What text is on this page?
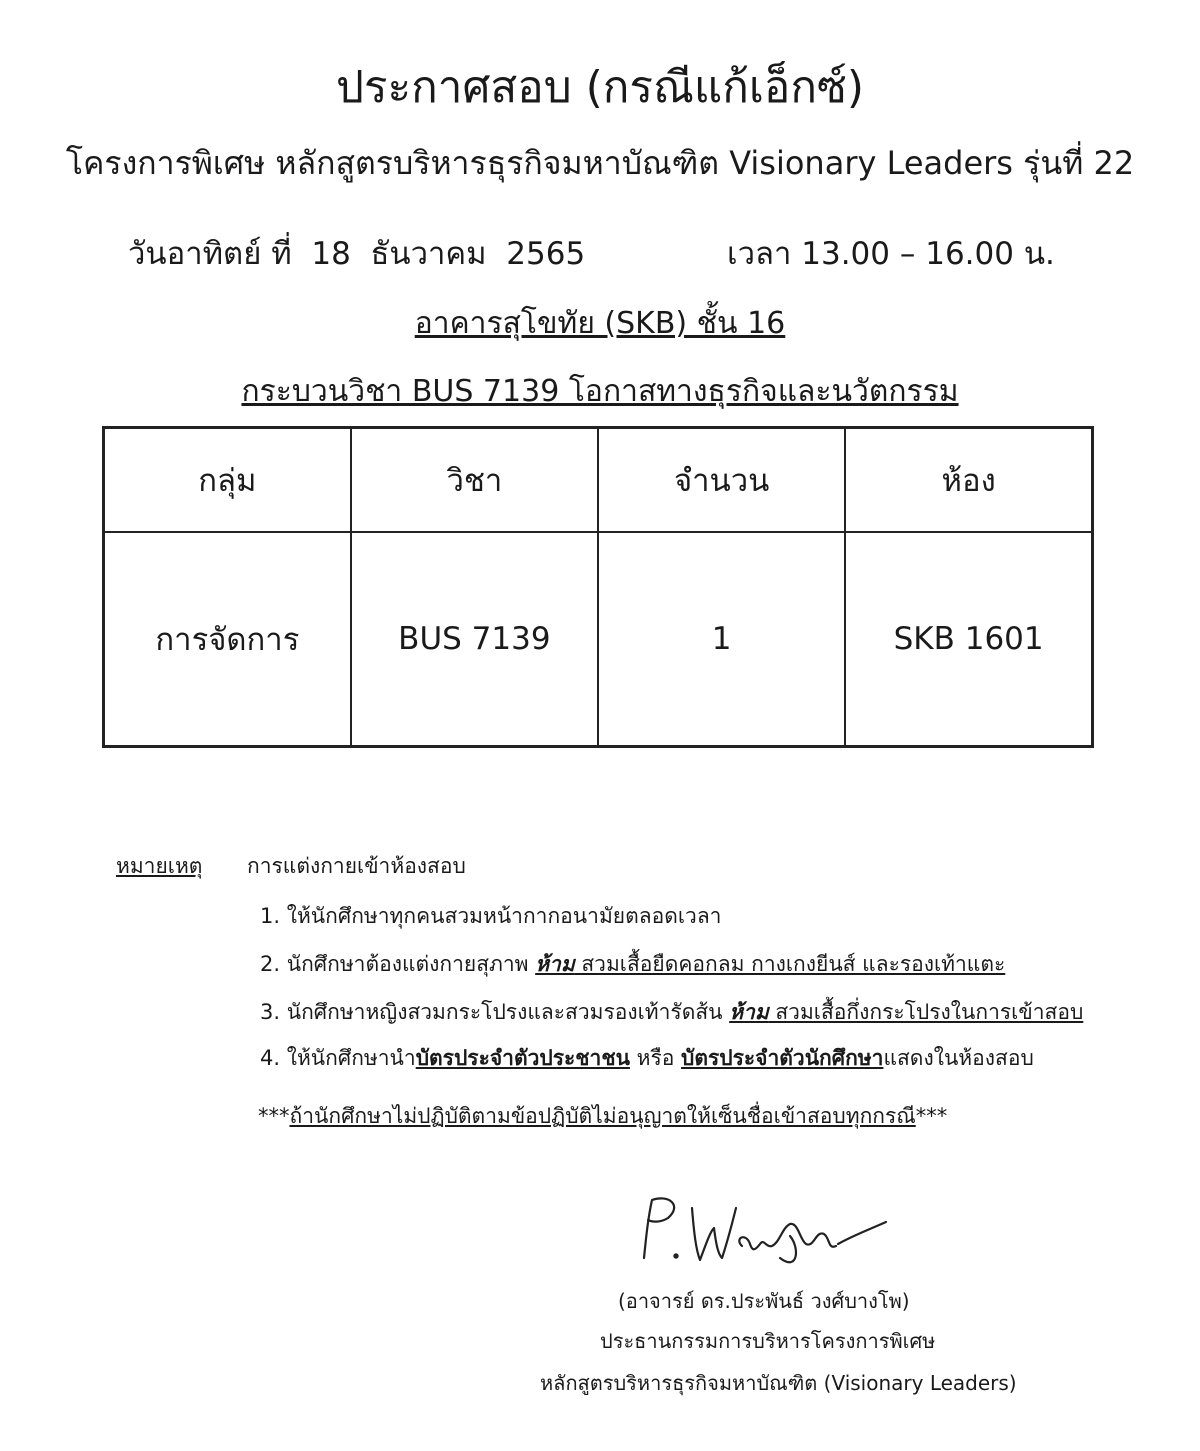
ประกาศสอบ (กรณีแก้เอ็กซ์)
โครงการพิเศษ หลักสูตรบริหารธุรกิจมหาบัณฑิต Visionary Leaders รุ่นที่ 22
วันอาทิตย์ ที่  18  ธันวาคม  2565	เวลา 13.00 – 16.00 น.
อาคารสุโขทัย (SKB) ชั้น 16
กระบวนวิชา BUS 7139 โอกาสทางธุรกิจและนวัตกรรม
กลุ่ม	วิชา	จำนวน	ห้อง
การจัดการ	BUS 7139	1	SKB 1601
หมายเหตุ การแต่งกายเข้าห้องสอบ
1. ให้นักศึกษาทุกคนสวมหน้ากากอนามัยตลอดเวลา
2. นักศึกษาต้องแต่งกายสุภาพ ห้าม สวมเสื้อยืดคอกลม กางเกงยีนส์ และรองเท้าแตะ
3. นักศึกษาหญิงสวมกระโปรงและสวมรองเท้ารัดส้น ห้าม สวมเสื้อกึ่งกระโปรงในการเข้าสอบ
4. ให้นักศึกษานำบัตรประจำตัวประชาชน หรือ บัตรประจำตัวนักศึกษาแสดงในห้องสอบ
***ถ้านักศึกษาไม่ปฏิบัติตามข้อปฏิบัติไม่อนุญาตให้เซ็นชื่อเข้าสอบทุกกรณี***
(อาจารย์ ดร.ประพันธ์ วงศ์บางโพ)
ประธานกรรมการบริหารโครงการพิเศษ
หลักสูตรบริหารธุรกิจมหาบัณฑิต (Visionary Leaders)
